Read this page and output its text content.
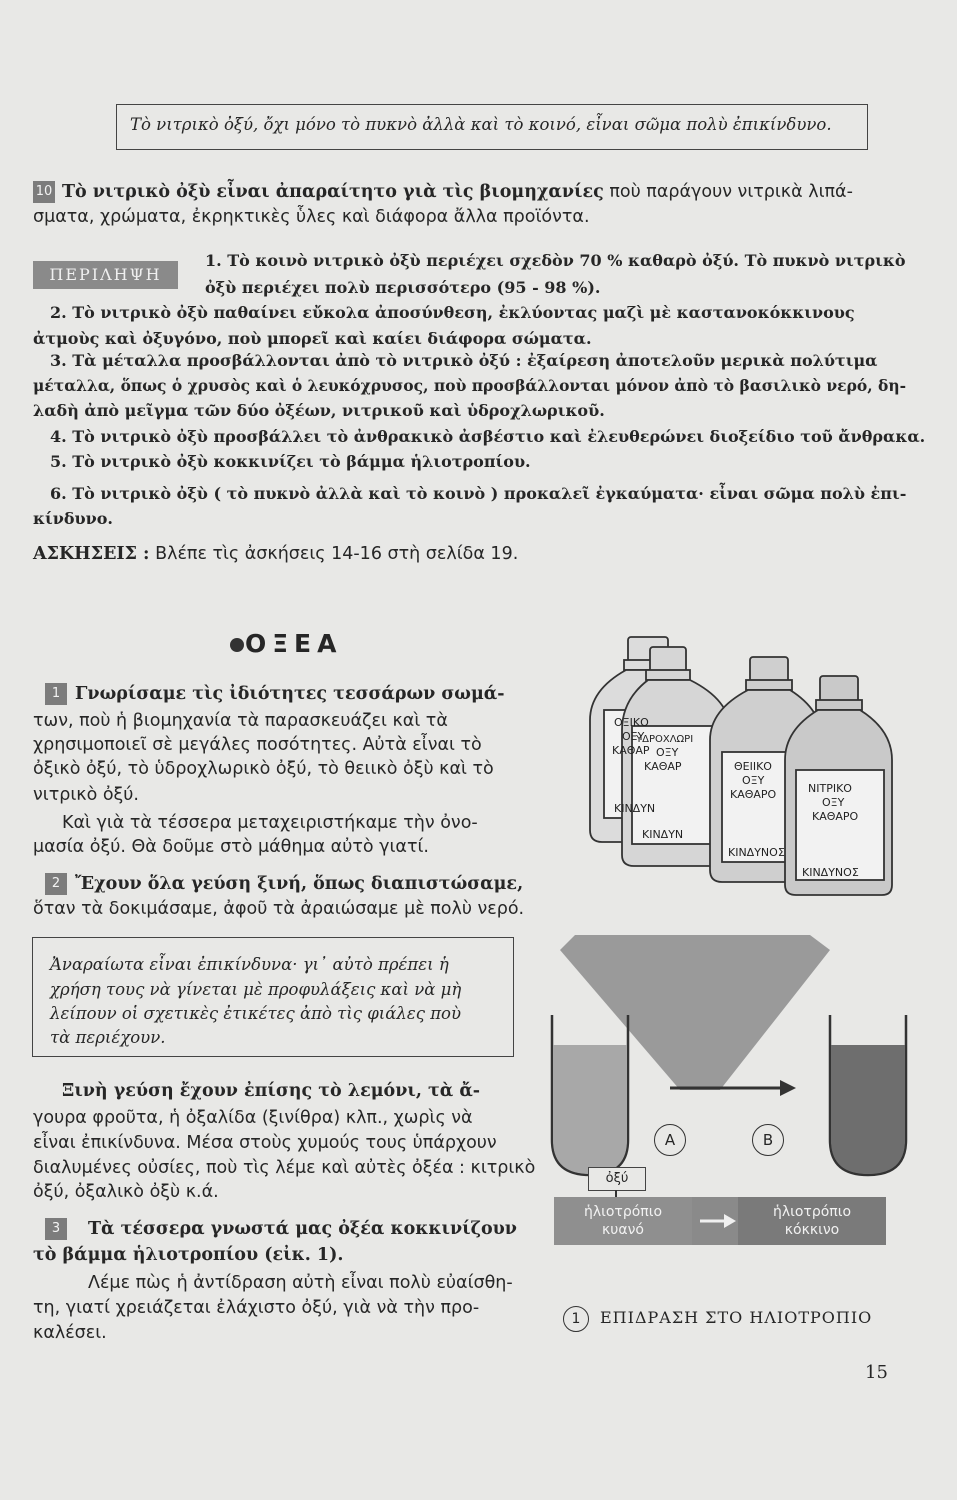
Τὸ νιτρικὸ ὀξύ, ὄχι μόνο τὸ πυκνὸ ἀλλὰ καὶ τὸ κοινό, εἶναι σῶμα πολὺ ἐπικίνδυνο.
10 Τὸ νιτρικὸ ὀξὺ εἶναι ἀπαραίτητο γιὰ τὶς βιομηχανίες ποὺ παράγουν νιτρικὰ λιπά-
σματα, χρώματα, ἐκρηκτικὲς ὗλες καὶ διάφορα ἄλλα προϊόντα.
ΠΕΡΙΛΗΨΗ
1. Τὸ κοινὸ νιτρικὸ ὀξὺ περιέχει σχεδὸν 70 % καθαρὸ ὀξύ. Τὸ πυκνὸ νιτρικὸ
ὀξὺ περιέχει πολὺ περισσότερο (95 - 98 %).
2. Τὸ νιτρικὸ ὀξὺ παθαίνει εὔκολα ἀποσύνθεση, ἐκλύοντας μαζὶ μὲ καστανοκόκκινους
ἀτμοὺς καὶ ὀξυγόνο, ποὺ μπορεῖ καὶ καίει διάφορα σώματα.
3. Τὰ μέταλλα προσβάλλονται ἀπὸ τὸ νιτρικὸ ὀξύ : ἐξαίρεση ἀποτελοῦν μερικὰ πολύτιμα
μέταλλα, ὅπως ὁ χρυσὸς καὶ ὁ λευκόχρυσος, ποὺ προσβάλλονται μόνον ἀπὸ τὸ βασιλικὸ νερό, δη-
λαδὴ ἀπὸ μεῖγμα τῶν δύο ὀξέων, νιτρικοῦ καὶ ὑδροχλωρικοῦ.
4. Τὸ νιτρικὸ ὀξὺ προσβάλλει τὸ ἀνθρακικὸ ἀσβέστιο καὶ ἐλευθερώνει διοξείδιο τοῦ ἄνθρακα.
5. Τὸ νιτρικὸ ὀξὺ κοκκινίζει τὸ βάμμα ἡλιοτροπίου.
6. Τὸ νιτρικὸ ὀξὺ ( τὸ πυκνὸ ἀλλὰ καὶ τὸ κοινὸ ) προκαλεῖ ἐγκαύματα· εἶναι σῶμα πολὺ ἐπι-
κίνδυνο.
ΑΣΚΗΣΕΙΣ : Βλέπε τὶς ἀσκήσεις 14-16 στὴ σελίδα 19.
ΟΞΕΑ
1 Γνωρίσαμε τὶς ἰδιότητες τεσσάρων σωμά-
των, ποὺ ἡ βιομηχανία τὰ παρασκευάζει καὶ τὰ
χρησιμοποιεῖ σὲ μεγάλες ποσότητες. Αὐτὰ εἶναι τὸ
ὀξικὸ ὀξύ, τὸ ὑδροχλωρικὸ ὀξύ, τὸ θειικὸ ὀξὺ καὶ τὸ
νιτρικὸ ὀξύ.
Καὶ γιὰ τὰ τέσσερα μεταχειριστήκαμε τὴν ὀνο-
μασία ὀξύ. Θὰ δοῦμε στὸ μάθημα αὐτὸ γιατί.
2 Ἔχουν ὅλα γεύση ξινή, ὅπως διαπιστώσαμε,
ὅταν τὰ δοκιμάσαμε, ἀφοῦ τὰ ἀραιώσαμε μὲ πολὺ νερό.
Ἀναραίωτα εἶναι ἐπικίνδυνα· γι᾿ αὐτὸ πρέπει ἡ
χρήση τους νὰ γίνεται μὲ προφυλάξεις καὶ νὰ μὴ
λείπουν οἱ σχετικὲς ἐτικέτες ἀπὸ τὶς φιάλες ποὺ
τὰ περιέχουν.
Ξινὴ γεύση ἔχουν ἐπίσης τὸ λεμόνι, τὰ ἄ-
γουρα φροῦτα, ἡ ὀξαλίδα (ξινίθρα) κλπ., χωρὶς νὰ
εἶναι ἐπικίνδυνα. Μέσα στοὺς χυμούς τους ὑπάρχουν
διαλυμένες οὐσίες, ποὺ τὶς λέμε καὶ αὐτὲς ὀξέα : κιτρικὸ
ὀξύ, ὀξαλικὸ ὀξὺ κ.ά.
3	Τὰ τέσσερα γνωστά μας ὀξέα κοκκινίζουν
τὸ βάμμα ἡλιοτροπίου (εἰκ. 1).
Λέμε πὼς ἡ ἀντίδραση αὐτὴ εἶναι πολὺ εὐαίσθη-
τη, γιατί χρειάζεται ἐλάχιστο ὀξύ, γιὰ νὰ τὴν προ-
καλέσει.
ΟΞΙΚΟ
ΟΞΥ
ΚΑΘΑΡ
ΚΙΝΔΥΝ
ΥΔΡΟΧΛΩΡΙ
ΟΞΥ
ΚΑΘΑΡ
ΚΙΝΔΥΝ
ΘΕΙΙΚΟ
ΟΞΥ
ΚΑΘΑΡΟ
ΚΙΝΔΥΝΟΣ
ΝΙΤΡΙΚΟ
ΟΞΥ
ΚΑΘΑΡΟ
ΚΙΝΔΥΝΟΣ
ὀξύ
A	B
ἡλιοτρόπιο
κυανό
ἡλιοτρόπιο
κόκκινο
1	ΕΠΙΔΡΑΣΗ ΣΤΟ ΗΛΙΟΤΡΟΠΙΟ
15
